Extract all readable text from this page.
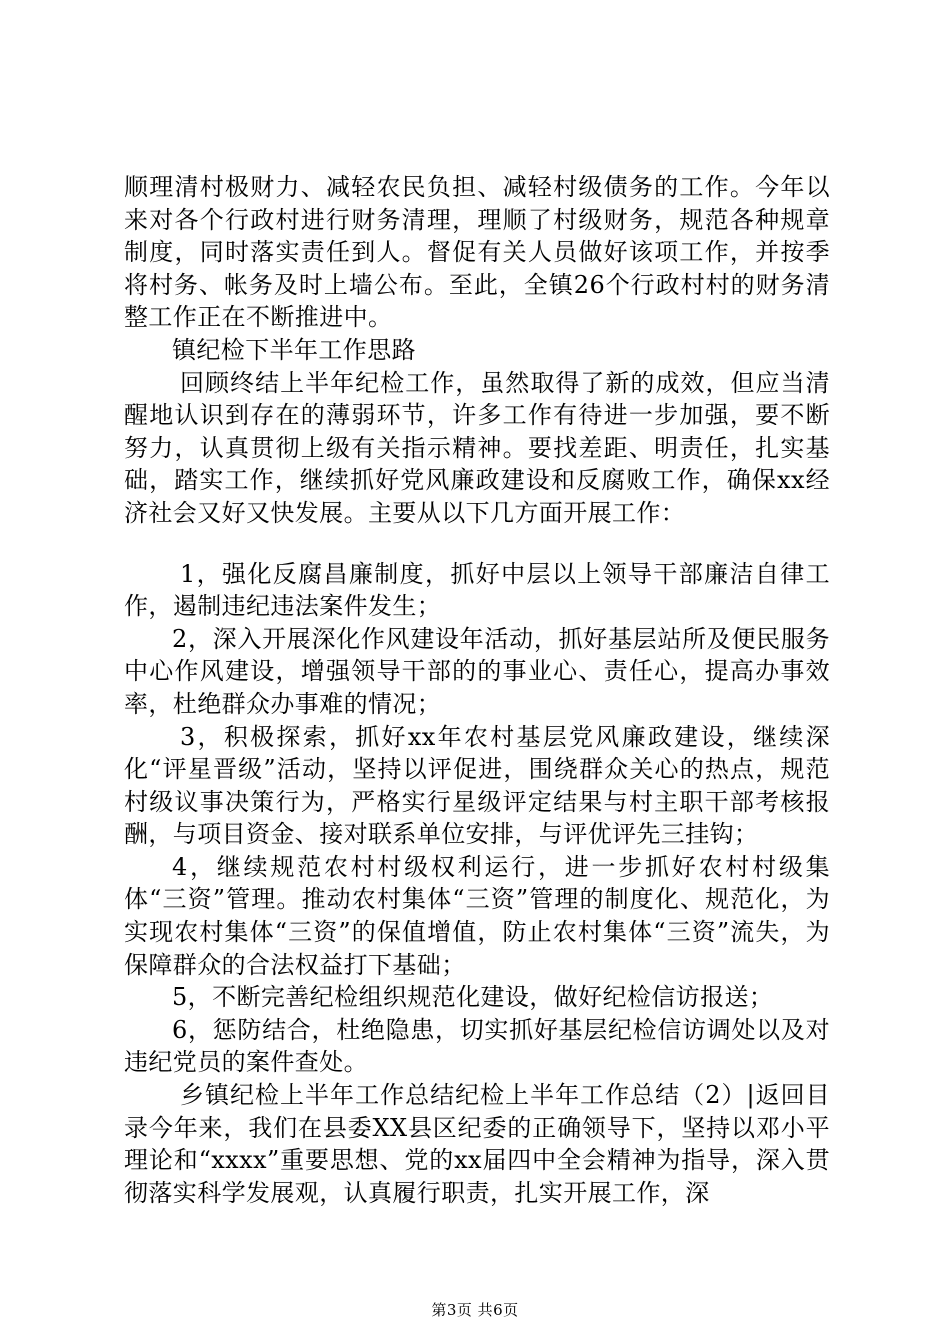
顺理清村极财力、减轻农民负担、减轻村级债务的工作。今年以来对各个行政村进行财务清理，理顺了村级财务，规范各种规章制度，同时落实责任到人。督促有关人员做好该项工作，并按季将村务、帐务及时上墙公布。至此，全镇26个行政村村的财务清整工作正在不断推进中。

镇纪检下半年工作思路

回顾终结上半年纪检工作，虽然取得了新的成效，但应当清醒地认识到存在的薄弱环节，许多工作有待进一步加强，要不断努力，认真贯彻上级有关指示精神。要找差距、明责任，扎实基础，踏实工作，继续抓好党风廉政建设和反腐败工作，确保xx经济社会又好又快发展。主要从以下几方面开展工作：

1，强化反腐昌廉制度，抓好中层以上领导干部廉洁自律工作，遏制违纪违法案件发生；

2，深入开展深化作风建设年活动，抓好基层站所及便民服务中心作风建设，增强领导干部的的事业心、责任心，提高办事效率，杜绝群众办事难的情况；

3，积极探索，抓好xx年农村基层党风廉政建设，继续深化“评星晋级”活动，坚持以评促进，围绕群众关心的热点，规范村级议事决策行为，严格实行星级评定结果与村主职干部考核报酬，与项目资金、接对联系单位安排，与评优评先三挂钩；

4，继续规范农村村级权利运行，进一步抓好农村村级集体“三资”管理。推动农村集体“三资”管理的制度化、规范化，为实现农村集体“三资”的保值增值，防止农村集体“三资”流失，为保障群众的合法权益打下基础；

5，不断完善纪检组织规范化建设，做好纪检信访报送；

6，惩防结合，杜绝隐患，切实抓好基层纪检信访调处以及对违纪党员的案件查处。

乡镇纪检上半年工作总结纪检上半年工作总结（2）|返回目录今年来，我们在县委XX县区纪委的正确领导下，坚持以邓小平理论和“xxxx”重要思想、党的xx届四中全会精神为指导，深入贯彻落实科学发展观，认真履行职责，扎实开展工作，深

第3页 共6页
